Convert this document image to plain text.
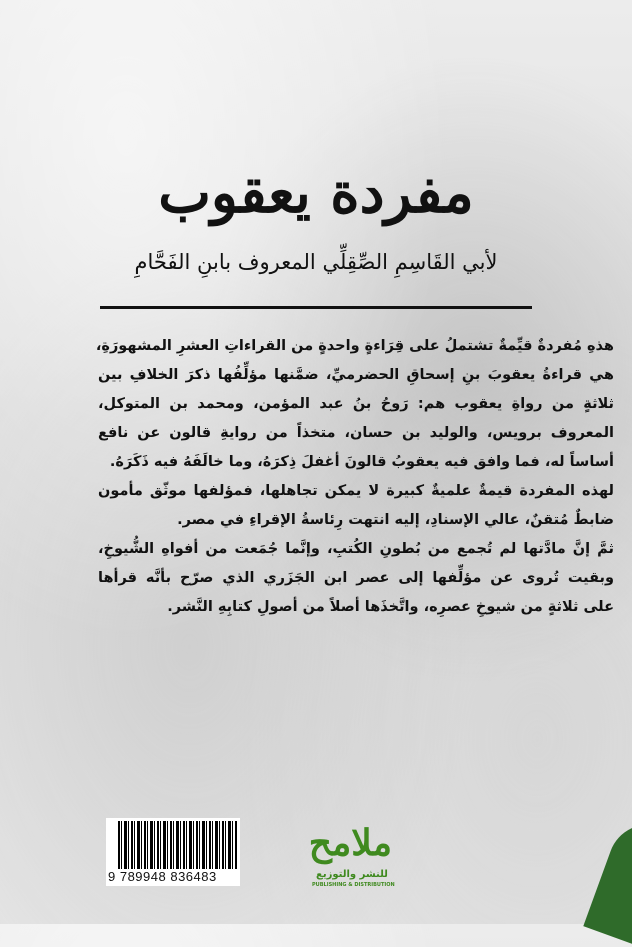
مفردة يعقوب
لأبي القَاسِمِ الصِّقِلِّي المعروف بابنِ الفَحَّامِ
هذهِ مُفردةٌ قيِّمةٌ تشتملُ على قِرَاءةٍ واحدةٍ من القراءاتِ العشرِ المشهورَةِ،
هي قراءةُ يعقوبَ بنِ إسحاقِ الحضرميِّ، ضمَّنها مؤلِّفُها ذكرَ الخلافِ بين
ثلاثةٍ من رواةِ يعقوب هم: رَوحُ بنُ عبد المؤمن، ومحمد بن المتوكل،
المعروف برويس، والوليد بن حسان، متخذاً من روايةِ قالون عن نافع
أساساً له، فما وافق فيه يعقوبُ قالونَ أغفلَ ذِكرَهُ، وما خالَفَهُ فيه ذَكَرَهُ.
لهذه المفردة قيمةٌ علميةٌ كبيرة لا يمكن تجاهلها، فمؤلفها موثّق مأمون
ضابطٌ مُتقنٌ، عالي الإسنادِ، إليه انتهت رِئاسةُ الإقراءِ في مصر.
ثمَّ إنَّ مادَّتها لم تُجمع من بُطونِ الكُتبِ، وإنَّما جُمَعت من أفواهِ الشُّيوخِ،
وبقيت تُروى عن مؤلِّفها إلى عصر ابن الجَزَري الذي صرّح بأنَّه قرأها
على ثلاثةٍ من شيوخِ عصرِه، واتَّخذَها أصلاً من أصولِ كتابِهِ النَّشر.
9 789948 836483
ملامح
للنشر والتوزيع
PUBLISHING & DISTRIBUTION
